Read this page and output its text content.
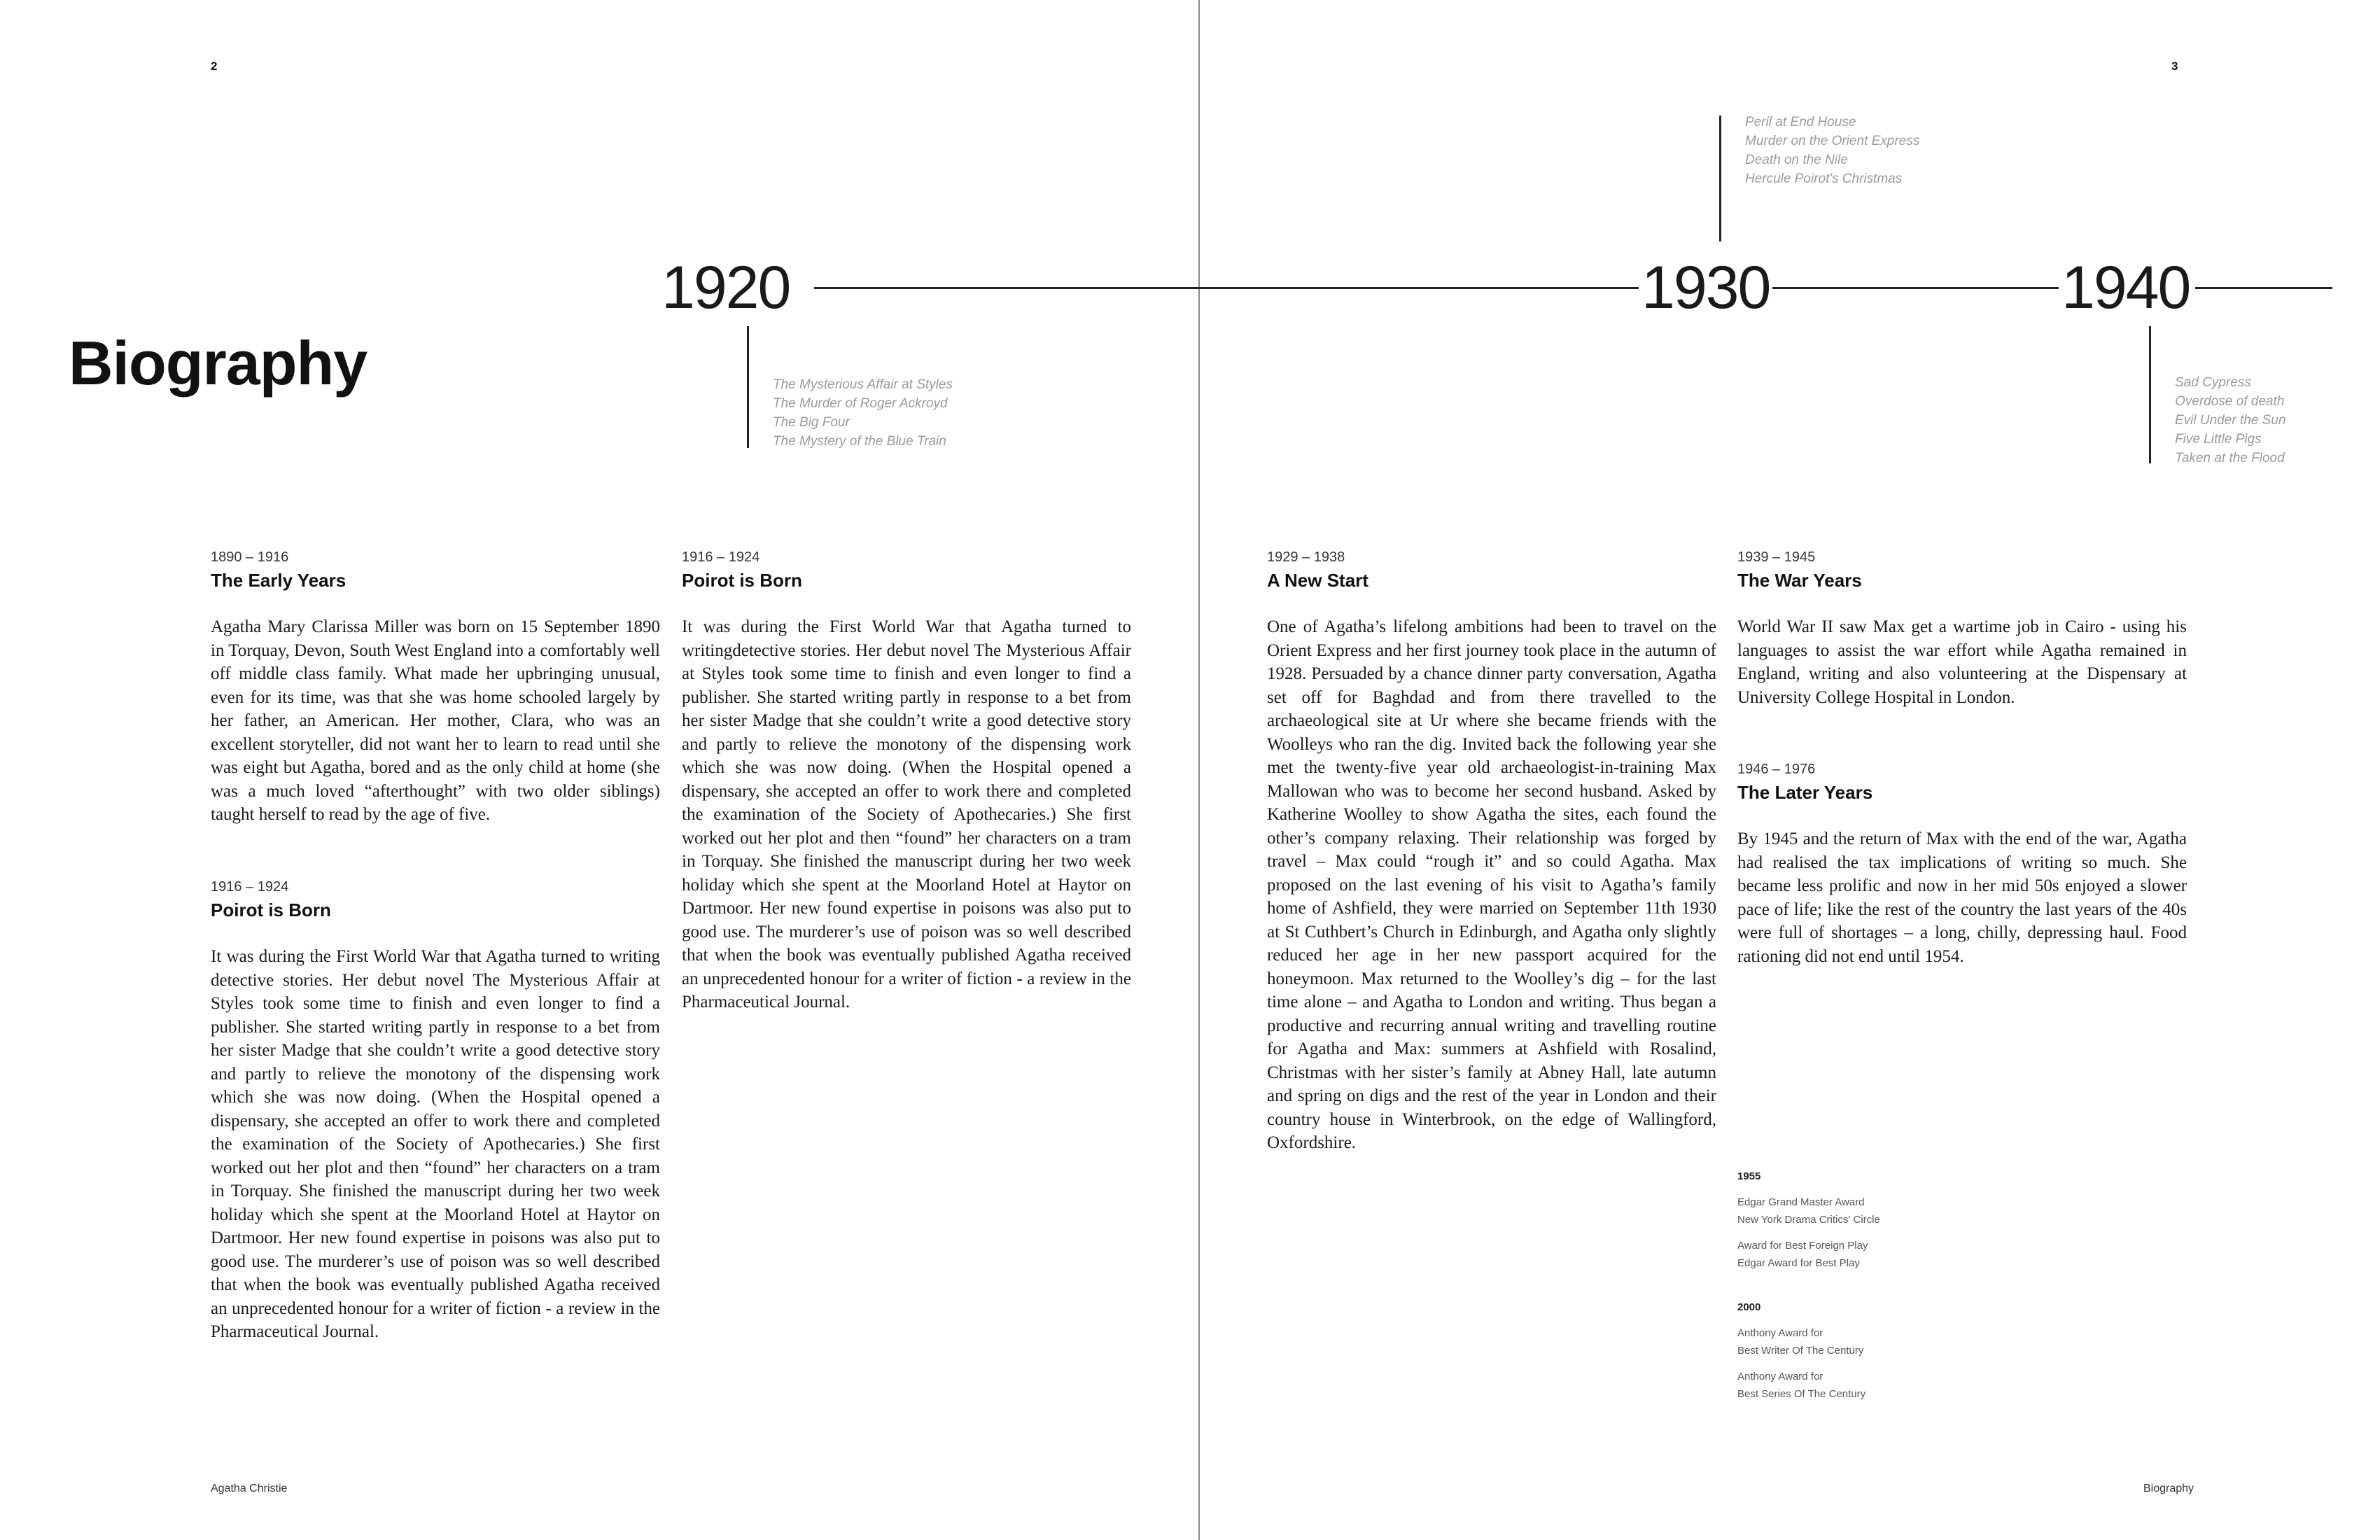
2	3
Biography
1920	1930	1940
The Mysterious Affair at Styles
The Murder of Roger Ackroyd
The Big Four
The Mystery of the Blue Train
Peril at End House
Murder on the Orient Express
Death on the Nile
Hercule Poirot's Christmas
Sad Cypress
Overdose of death
Evil Under the Sun
Five Little Pigs
Taken at the Flood
1890 – 1916
The Early Years
Agatha Mary Clarissa Miller was born on 15 September 1890 in Torquay, Devon, South West England into a comfortably well off middle class family. What made her upbringing unusual, even for its time, was that she was home schooled largely by her father, an American. Her mother, Clara, who was an excellent storyteller, did not want her to learn to read until she was eight but Agatha, bored and as the only child at home (she was a much loved “afterthought” with two older siblings) taught herself to read by the age of five.
1916 – 1924
Poirot is Born
It was during the First World War that Agatha turned to writing detective stories. Her debut novel The Mysterious Affair at Styles took some time to finish and even longer to find a publisher. She started writing partly in response to a bet from her sister Madge that she couldn’t write a good detective story and partly to relieve the monotony of the dispensing work which she was now doing. (When the Hospital opened a dispensary, she accepted an offer to work there and completed the examination of the Society of Apothecaries.) She first worked out her plot and then “found” her characters on a tram in Torquay. She finished the manuscript during her two week holiday which she spent at the Moorland Hotel at Haytor on Dartmoor. Her new found expertise in poisons was also put to good use. The murderer’s use of poison was so well described that when the book was eventually published Agatha received an unprecedented honour for a writer of fiction - a review in the Pharmaceutical Journal.
1916 – 1924
Poirot is Born
It was during the First World War that Agatha turned to writingdetective stories. Her debut novel The Mysterious Affair at Styles took some time to finish and even longer to find a publisher. She started writing partly in response to a bet from her sister Madge that she couldn’t write a good detective story and partly to relieve the monotony of the dispensing work which she was now doing. (When the Hospital opened a dispensary, she accepted an offer to work there and completed the examination of the Society of Apothecaries.) She first worked out her plot and then “found” her characters on a tram in Torquay. She finished the manuscript during her two week holiday which she spent at the Moorland Hotel at Haytor on Dartmoor. Her new found expertise in poisons was also put to good use. The murderer’s use of poison was so well described that when the book was eventually published Agatha received an unprecedented honour for a writer of fiction - a review in the Pharmaceutical Journal.
1929 – 1938
A New Start
One of Agatha’s lifelong ambitions had been to travel on the Orient Express and her first journey took place in the autumn of 1928. Persuaded by a chance dinner party conversation, Agatha set off for Baghdad and from there travelled to the archaeological site at Ur where she became friends with the Woolleys who ran the dig. Invited back the following year she met the twenty-five year old archaeologist-in-training Max Mallowan who was to become her second husband. Asked by Katherine Woolley to show Agatha the sites, each found the other’s company relaxing. Their relationship was forged by travel – Max could “rough it” and so could Agatha. Max proposed on the last evening of his visit to Agatha’s family home of Ashfield, they were married on September 11th 1930 at St Cuthbert’s Church in Edinburgh, and Agatha only slightly reduced her age in her new passport acquired for the honeymoon. Max returned to the Woolley’s dig – for the last time alone – and Agatha to London and writing. Thus began a productive and recurring annual writing and travelling routine for Agatha and Max: summers at Ashfield with Rosalind, Christmas with her sister’s family at Abney Hall, late autumn and spring on digs and the rest of the year in London and their country house in Winterbrook, on the edge of Wallingford, Oxfordshire.
1939 – 1945
The War Years
World War II saw Max get a wartime job in Cairo - using his languages to assist the war effort while Agatha remained in England, writing and also volunteering at the Dispensary at University College Hospital in London.
1946 – 1976
The Later Years
By 1945 and the return of Max with the end of the war, Agatha had realised the tax implications of writing so much. She became less prolific and now in her mid 50s enjoyed a slower pace of life; like the rest of the country the last years of the 40s were full of shortages – a long, chilly, depressing haul. Food rationing did not end until 1954.
1955
Edgar Grand Master Award
New York Drama Critics' Circle
Award for Best Foreign Play
Edgar Award for Best Play
2000
Anthony Award for
Best Writer Of The Century
Anthony Award for
Best Series Of The Century
Agatha Christie	Biography
